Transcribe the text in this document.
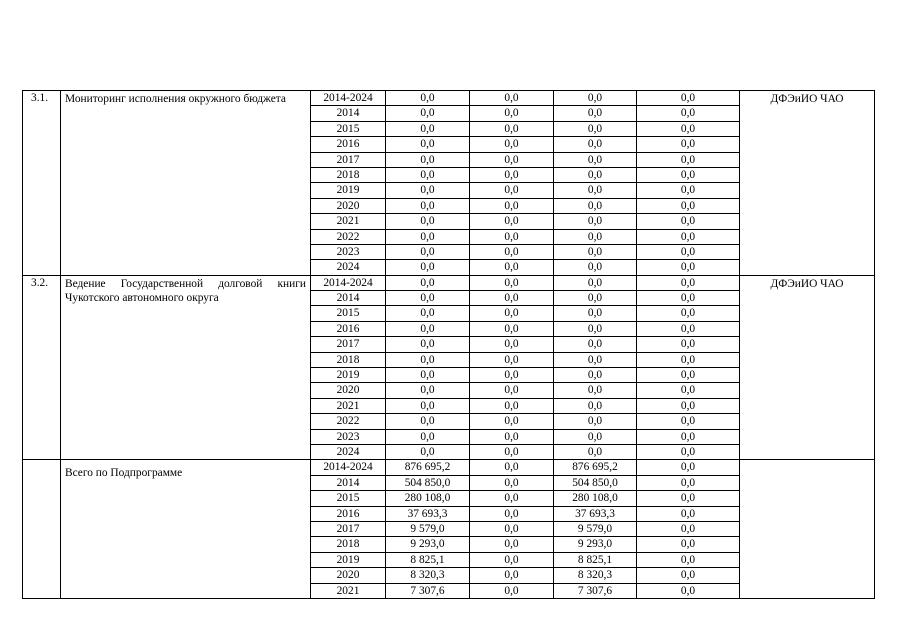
3.1.	Мониторинг исполнения окружного бюджета	2014-2024	0,0	0,0	0,0	0,0	ДФЭиИО ЧАО
		2014	0,0	0,0	0,0	0,0	
		2015	0,0	0,0	0,0	0,0	
		2016	0,0	0,0	0,0	0,0	
		2017	0,0	0,0	0,0	0,0	
		2018	0,0	0,0	0,0	0,0	
		2019	0,0	0,0	0,0	0,0	
		2020	0,0	0,0	0,0	0,0	
		2021	0,0	0,0	0,0	0,0	
		2022	0,0	0,0	0,0	0,0	
		2023	0,0	0,0	0,0	0,0	
		2024	0,0	0,0	0,0	0,0	
3.2.	Ведение Государственной долговой книги Чукотского автономного округа	2014-2024	0,0	0,0	0,0	0,0	ДФЭиИО ЧАО
		2014	0,0	0,0	0,0	0,0	
		2015	0,0	0,0	0,0	0,0	
		2016	0,0	0,0	0,0	0,0	
		2017	0,0	0,0	0,0	0,0	
		2018	0,0	0,0	0,0	0,0	
		2019	0,0	0,0	0,0	0,0	
		2020	0,0	0,0	0,0	0,0	
		2021	0,0	0,0	0,0	0,0	
		2022	0,0	0,0	0,0	0,0	
		2023	0,0	0,0	0,0	0,0	
		2024	0,0	0,0	0,0	0,0	
	Всего по Подпрограмме	2014-2024	876 695,2	0,0	876 695,2	0,0	
		2014	504 850,0	0,0	504 850,0	0,0	
		2015	280 108,0	0,0	280 108,0	0,0	
		2016	37 693,3	0,0	37 693,3	0,0	
		2017	9 579,0	0,0	9 579,0	0,0	
		2018	9 293,0	0,0	9 293,0	0,0	
		2019	8 825,1	0,0	8 825,1	0,0	
		2020	8 320,3	0,0	8 320,3	0,0	
		2021	7 307,6	0,0	7 307,6	0,0	
